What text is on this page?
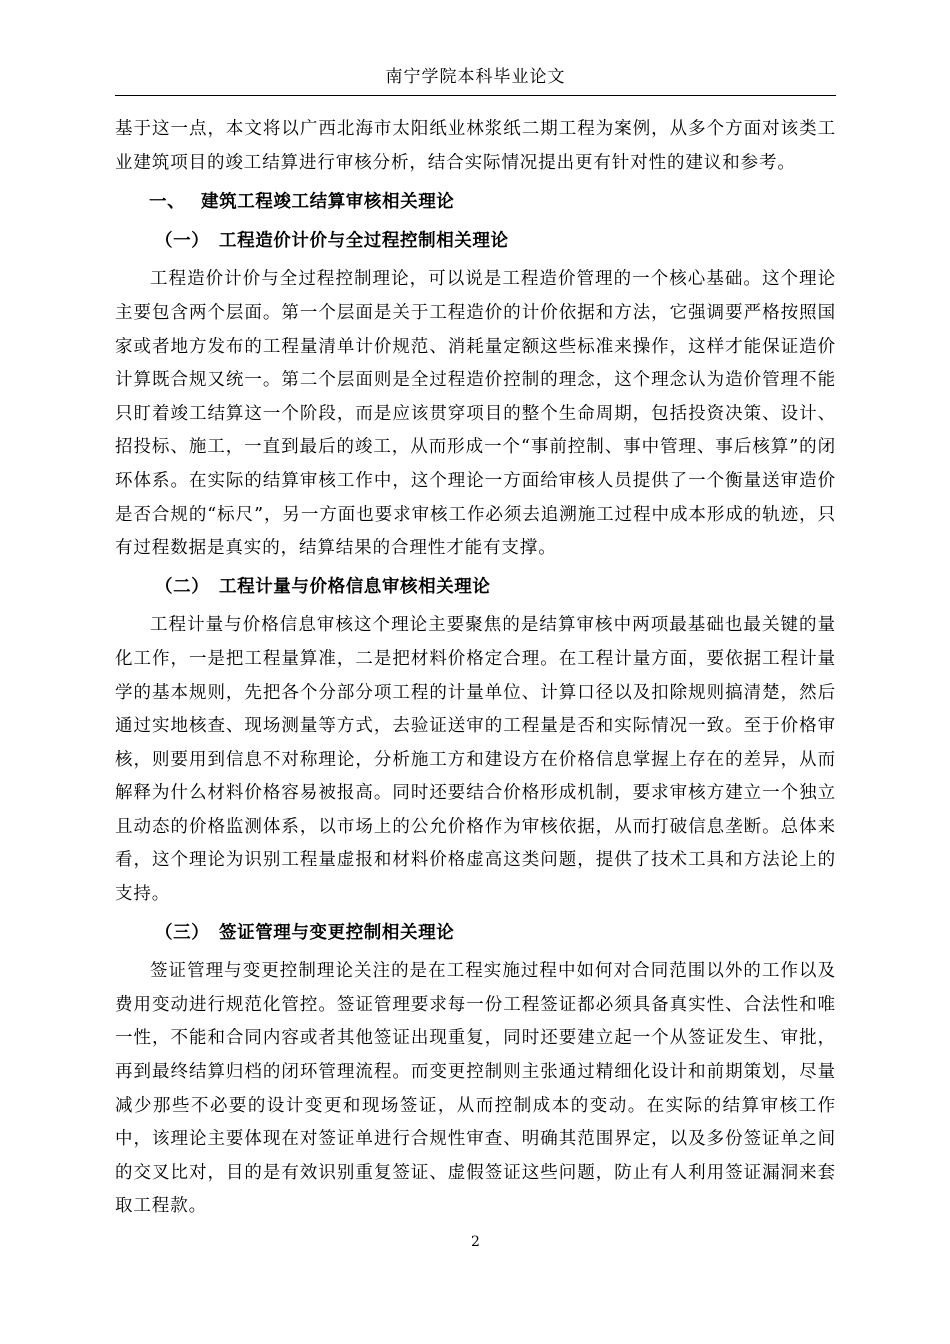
南宁学院本科毕业论文

基于这一点，本文将以广西北海市太阳纸业林浆纸二期工程为案例，从多个方面对该类工业建筑项目的竣工结算进行审核分析，结合实际情况提出更有针对性的建议和参考。

一、 建筑工程竣工结算审核相关理论
（一） 工程造价计价与全过程控制相关理论

工程造价计价与全过程控制理论，可以说是工程造价管理的一个核心基础。这个理论主要包含两个层面。第一个层面是关于工程造价的计价依据和方法，它强调要严格按照国家或者地方发布的工程量清单计价规范、消耗量定额这些标准来操作，这样才能保证造价计算既合规又统一。第二个层面则是全过程造价控制的理念，这个理念认为造价管理不能只盯着竣工结算这一个阶段，而是应该贯穿项目的整个生命周期，包括投资决策、设计、招投标、施工，一直到最后的竣工，从而形成一个“事前控制、事中管理、事后核算”的闭环体系。在实际的结算审核工作中，这个理论一方面给审核人员提供了一个衡量送审造价是否合规的“标尺”，另一方面也要求审核工作必须去追溯施工过程中成本形成的轨迹，只有过程数据是真实的，结算结果的合理性才能有支撑。

（二） 工程计量与价格信息审核相关理论

工程计量与价格信息审核这个理论主要聚焦的是结算审核中两项最基础也最关键的量化工作，一是把工程量算准，二是把材料价格定合理。在工程计量方面，要依据工程计量学的基本规则，先把各个分部分项工程的计量单位、计算口径以及扣除规则搞清楚，然后通过实地核查、现场测量等方式，去验证送审的工程量是否和实际情况一致。至于价格审核，则要用到信息不对称理论，分析施工方和建设方在价格信息掌握上存在的差异，从而解释为什么材料价格容易被报高。同时还要结合价格形成机制，要求审核方建立一个独立且动态的价格监测体系，以市场上的公允价格作为审核依据，从而打破信息垄断。总体来看，这个理论为识别工程量虚报和材料价格虚高这类问题，提供了技术工具和方法论上的支持。

（三） 签证管理与变更控制相关理论

签证管理与变更控制理论关注的是在工程实施过程中如何对合同范围以外的工作以及费用变动进行规范化管控。签证管理要求每一份工程签证都必须具备真实性、合法性和唯一性，不能和合同内容或者其他签证出现重复，同时还要建立起一个从签证发生、审批，再到最终结算归档的闭环管理流程。而变更控制则主张通过精细化设计和前期策划，尽量减少那些不必要的设计变更和现场签证，从而控制成本的变动。在实际的结算审核工作中，该理论主要体现在对签证单进行合规性审查、明确其范围界定，以及多份签证单之间的交叉比对，目的是有效识别重复签证、虚假签证这些问题，防止有人利用签证漏洞来套取工程款。

2
